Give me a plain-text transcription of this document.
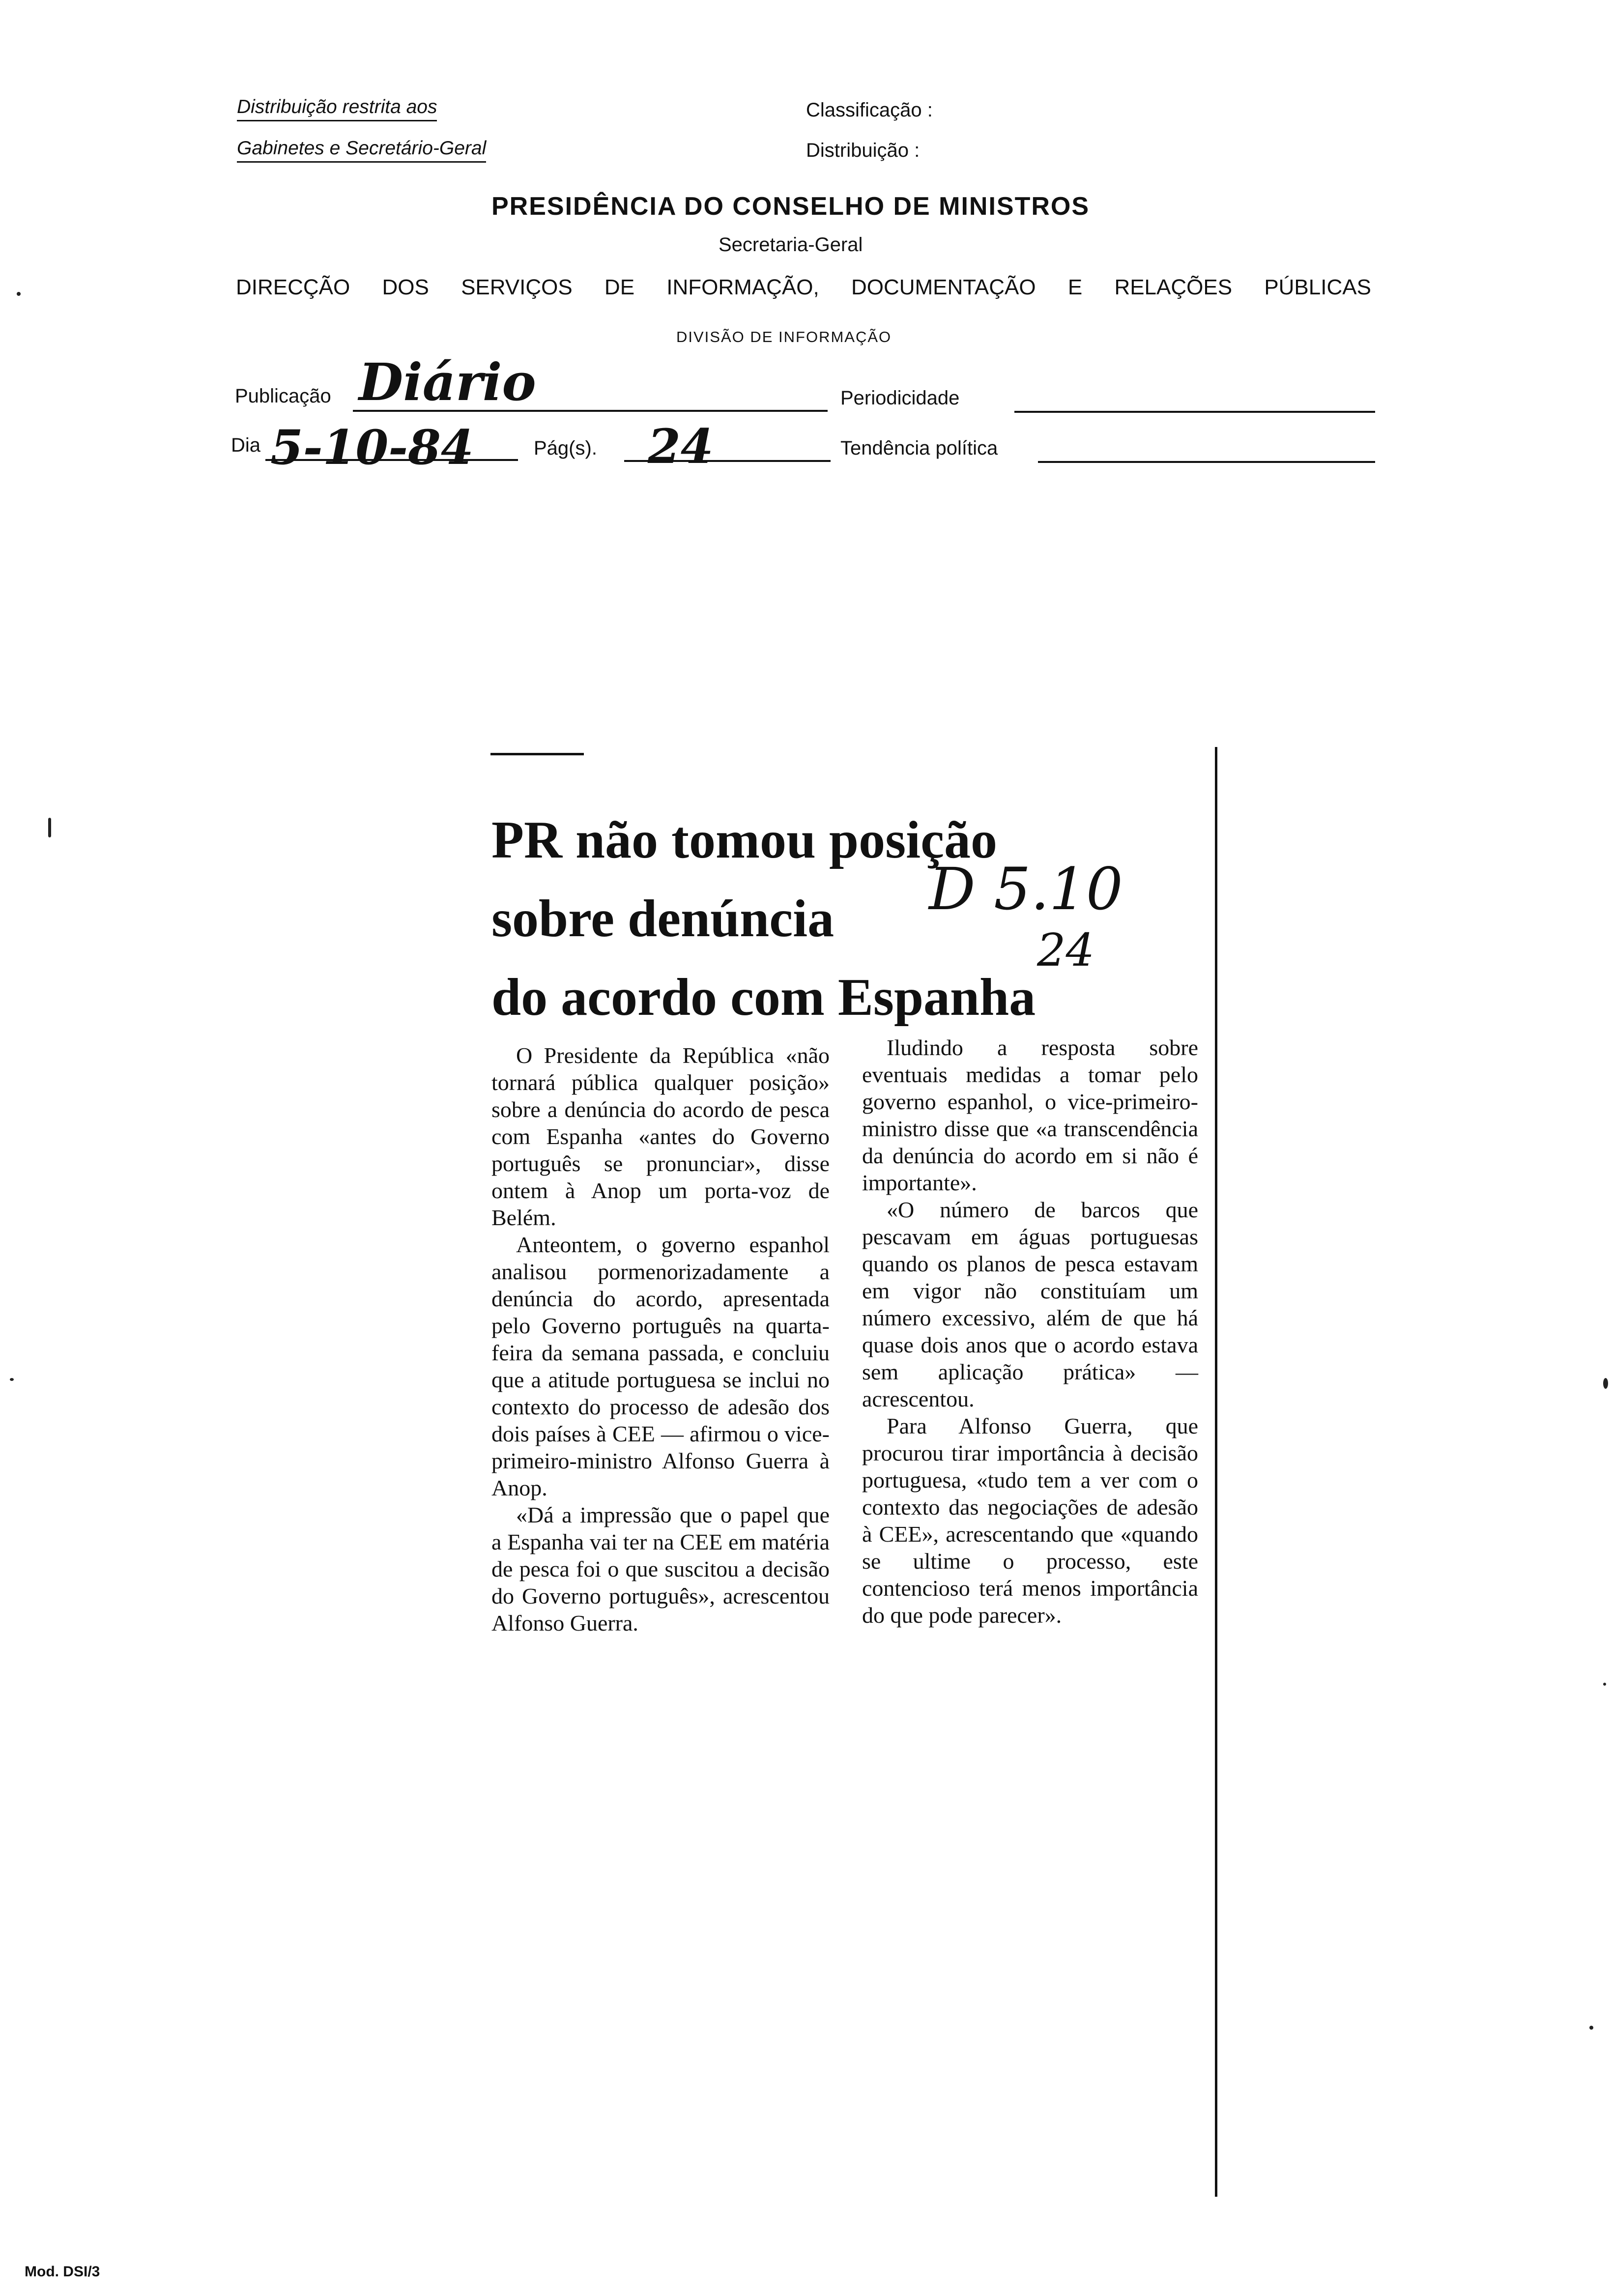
Distribuição restrita aos
Gabinetes e Secretário-Geral
Classificação :
Distribuição :
PRESIDÊNCIA DO CONSELHO DE MINISTROS
Secretaria-Geral
DIRECÇÃO DOS SERVIÇOS DE INFORMAÇÃO, DOCUMENTAÇÃO E RELAÇÕES PÚBLICAS
DIVISÃO DE INFORMAÇÃO
Publicação Diário	Periodicidade
Dia 5-10-84	Pág(s). 24	Tendência política
PR não tomou posição
sobre denúncia
do acordo com Espanha
D 5.10
24

O Presidente da República «não tornará pública qualquer posição» sobre a denúncia do acordo de pesca com Espanha «antes do Governo português se pronunciar», disse ontem à Anop um porta-voz de Belém.

Anteontem, o governo espanhol analisou pormenorizadamente a denúncia do acordo, apresentada pelo Governo português na quarta-feira da semana passada, e concluiu que a atitude portuguesa se inclui no contexto do processo de adesão dos dois países à CEE — afirmou o vice-primeiro-ministro Alfonso Guerra à Anop.

«Dá a impressão que o papel que a Espanha vai ter na CEE em matéria de pesca foi o que suscitou a decisão do Governo português», acrescentou Alfonso Guerra.

Iludindo a resposta sobre eventuais medidas a tomar pelo governo espanhol, o vice-primeiro-ministro disse que «a transcendência da denúncia do acordo em si não é importante».

«O número de barcos que pescavam em águas portuguesas quando os planos de pesca estavam em vigor não constituíam um número excessivo, além de que há quase dois anos que o acordo estava sem aplicação prática» — acrescentou.

Para Alfonso Guerra, que procurou tirar importância à decisão portuguesa, «tudo tem a ver com o contexto das negociações de adesão à CEE», acrescentando que «quando se ultime o processo, este contencioso terá menos importância do que pode parecer».

Mod. DSI/3
